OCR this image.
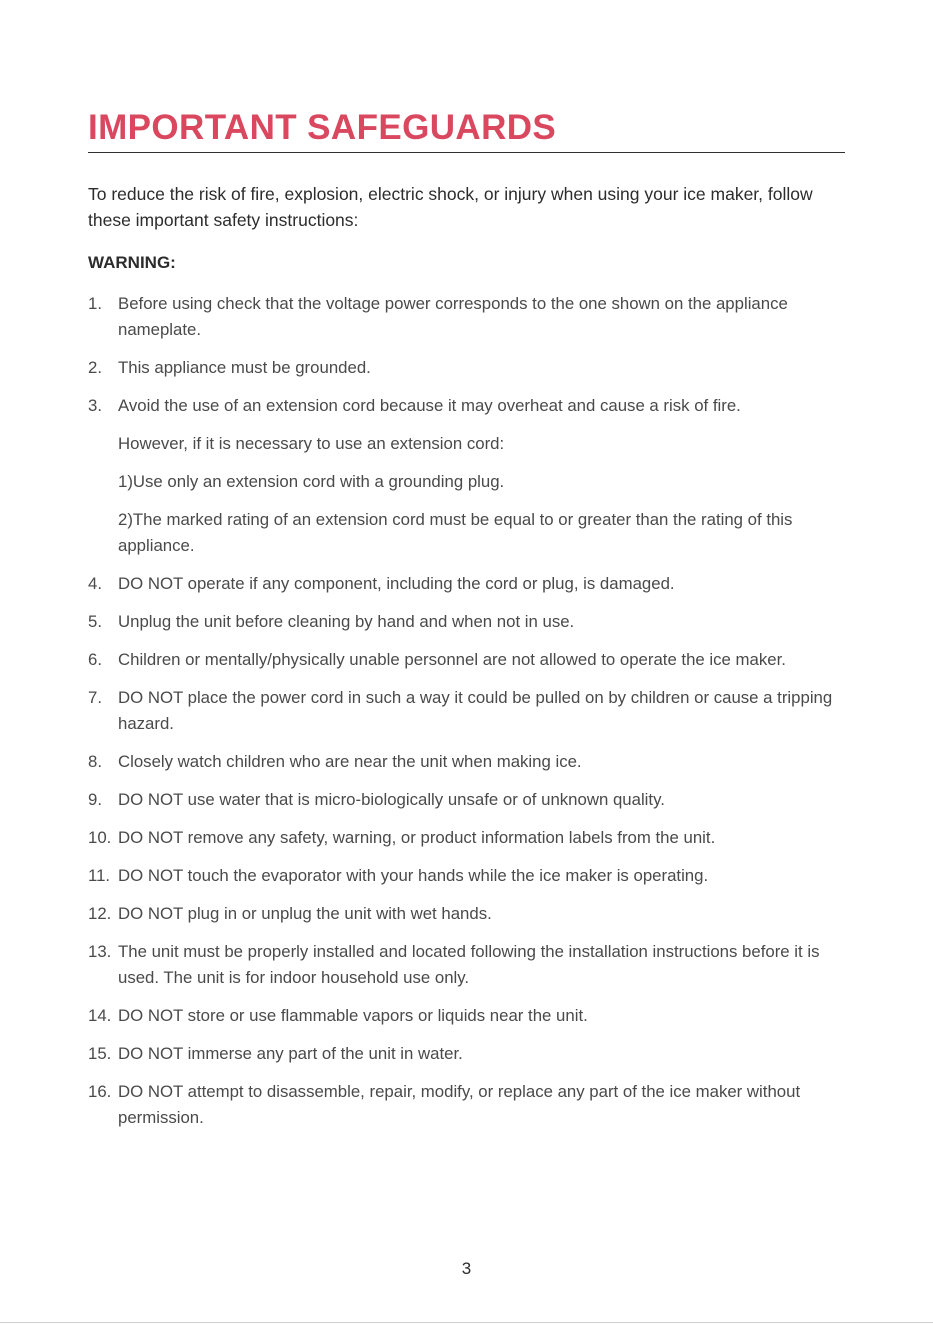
IMPORTANT SAFEGUARDS

To reduce the risk of fire, explosion, electric shock, or injury when using your ice maker, follow these important safety instructions:

WARNING:

1. Before using check that the voltage power corresponds to the one shown on the appliance nameplate.
2. This appliance must be grounded.
3. Avoid the use of an extension cord because it may overheat and cause a risk of fire.
However, if it is necessary to use an extension cord:
1)Use only an extension cord with a grounding plug.
2)The marked rating of an extension cord must be equal to or greater than the rating of this appliance.
4. DO NOT operate if any component, including the cord or plug, is damaged.
5. Unplug the unit before cleaning by hand and when not in use.
6. Children or mentally/physically unable personnel are not allowed to operate the ice maker.
7. DO NOT place the power cord in such a way it could be pulled on by children or cause a tripping hazard.
8. Closely watch children who are near the unit when making ice.
9. DO NOT use water that is micro-biologically unsafe or of unknown quality.
10. DO NOT remove any safety, warning, or product information labels from the unit.
11. DO NOT touch the evaporator with your hands while the ice maker is operating.
12. DO NOT plug in or unplug the unit with wet hands.
13. The unit must be properly installed and located following the installation instructions before it is used. The unit is for indoor household use only.
14. DO NOT store or use flammable vapors or liquids near the unit.
15. DO NOT immerse any part of the unit in water.
16. DO NOT attempt to disassemble, repair, modify, or replace any part of the ice maker without permission.
3
